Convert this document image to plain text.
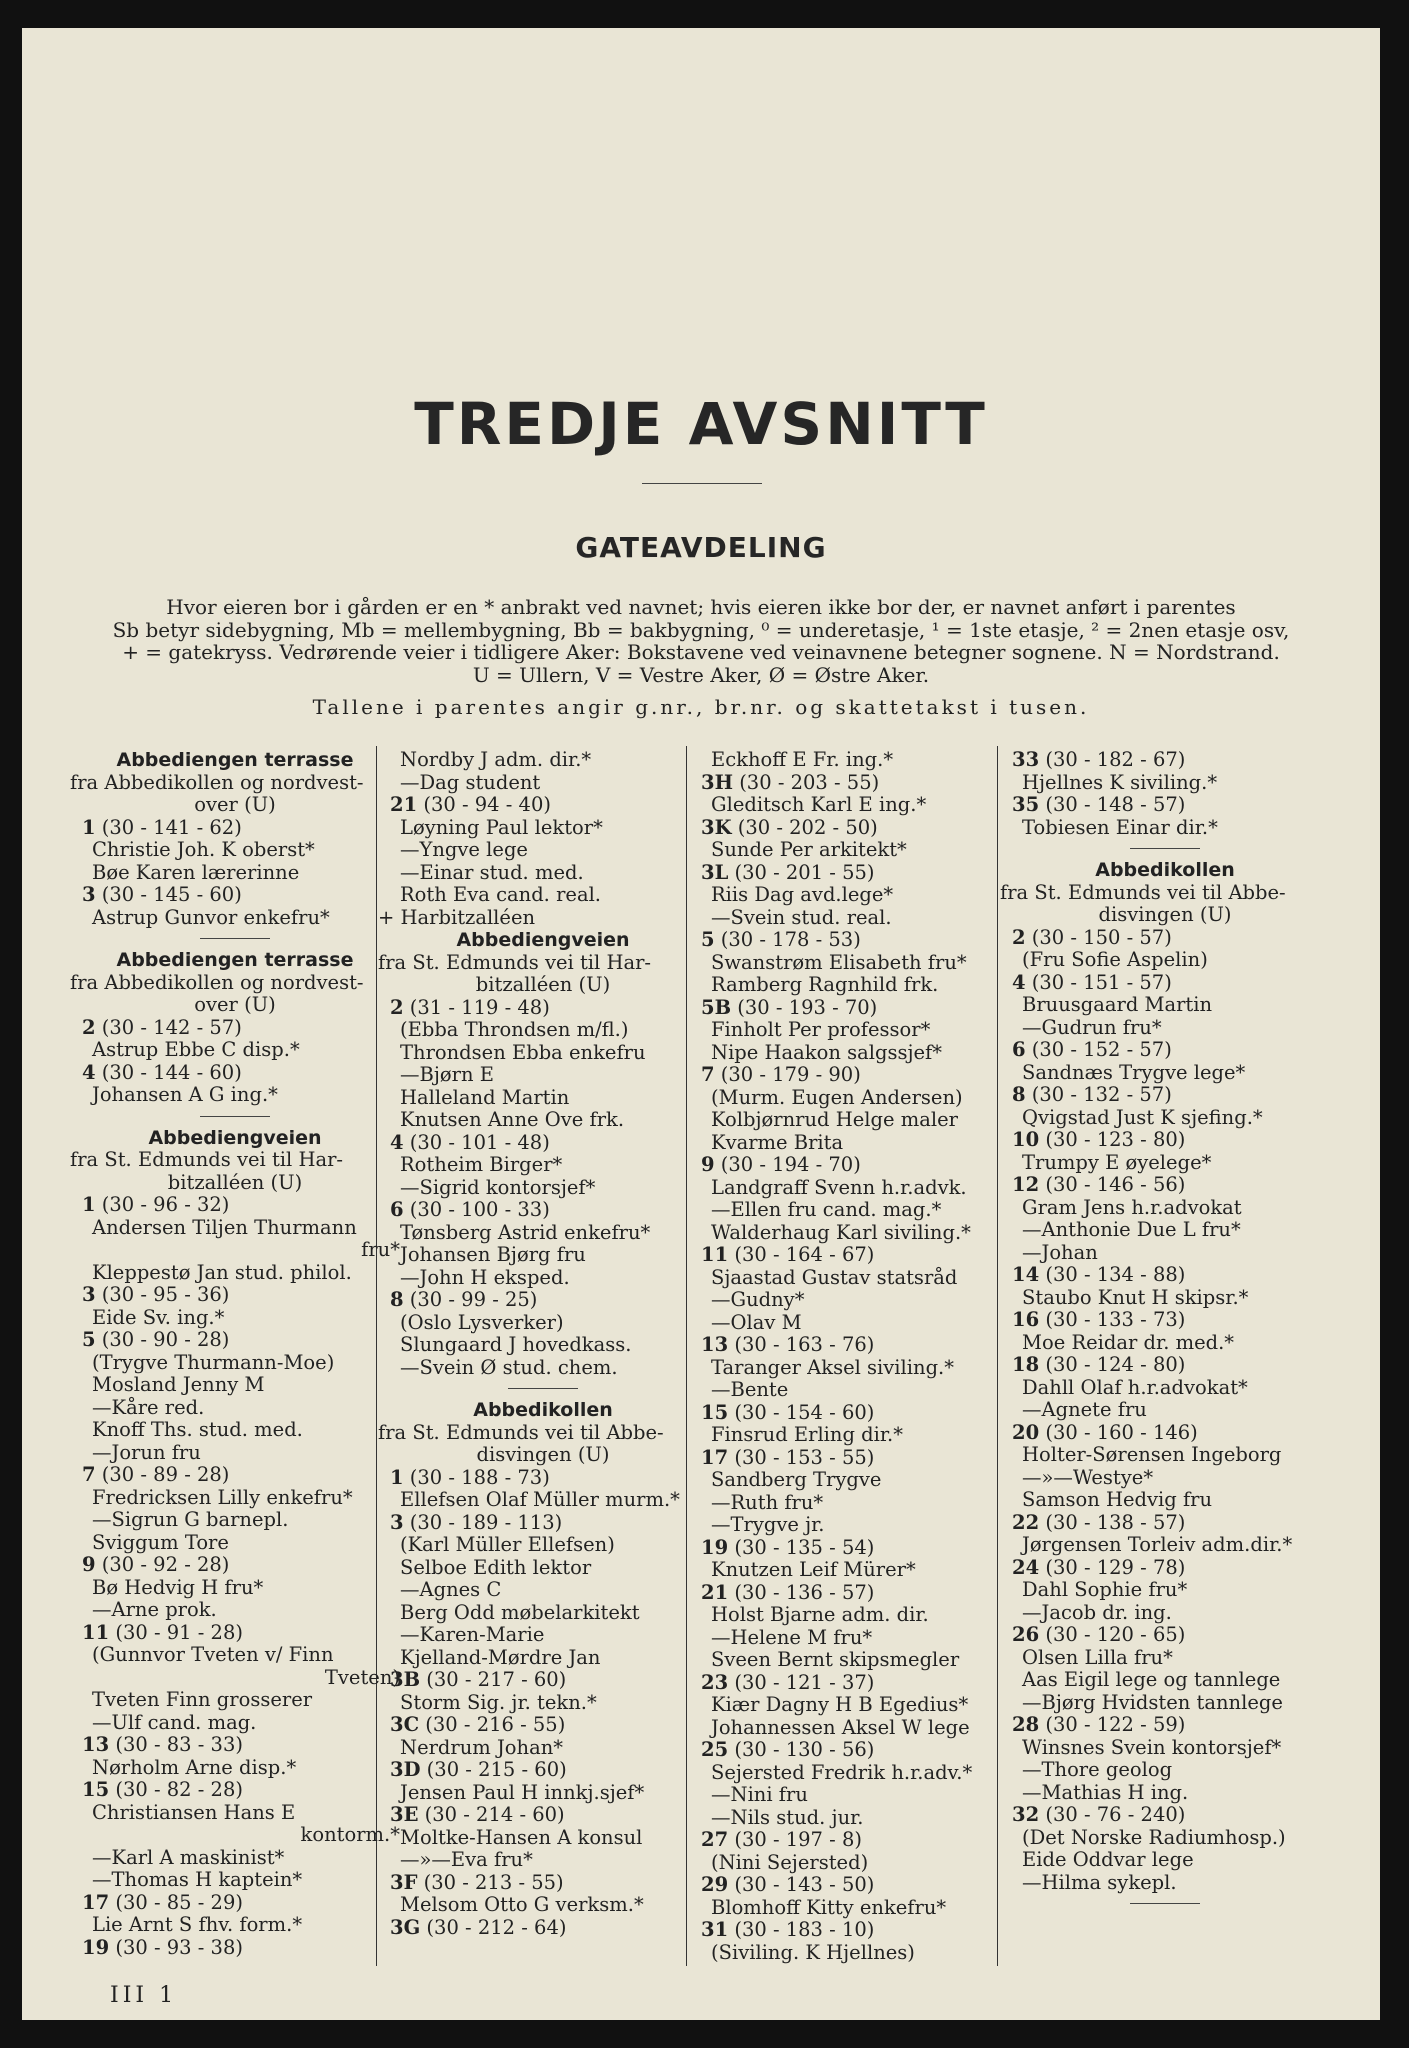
TREDJE AVSNITT
GATEAVDELING

Hvor eieren bor i gården er en * anbrakt ved navnet; hvis eieren ikke bor der, er navnet anført i parentes

Sb betyr sidebygning, Mb = mellembygning, Bb = bakbygning, ⁰ = underetasje, ¹ = 1ste etasje, ² = 2nen etasje osv,

+ = gatekryss. Vedrørende veier i tidligere Aker: Bokstavene ved veinavnene betegner sognene. N = Nordstrand.

U = Ullern, V = Vestre Aker, Ø = Østre Aker.

Tallene i parentes angir g.nr., br.nr. og skattetakst i tusen.
Abbediengen terrasse
fra Abbedikollen og nordvest-
over (U)
1 (30 - 141 - 62)
Christie Joh. K oberst*
Bøe Karen lærerinne
3 (30 - 145 - 60)
Astrup Gunvor enkefru*
Abbediengen terrasse
fra Abbedikollen og nordvest-
over (U)
2 (30 - 142 - 57)
Astrup Ebbe C disp.*
4 (30 - 144 - 60)
Johansen A G ing.*
Abbediengveien
fra St. Edmunds vei til Har-
bitzalléen (U)
1 (30 - 96 - 32)
Andersen Tiljen Thurmann
fru*
Kleppestø Jan stud. philol.
3 (30 - 95 - 36)
Eide Sv. ing.*
5 (30 - 90 - 28)
(Trygve Thurmann-Moe)
Mosland Jenny M
—Kåre red.
Knoff Ths. stud. med.
—Jorun fru
7 (30 - 89 - 28)
Fredricksen Lilly enkefru*
—Sigrun G barnepl.
Sviggum Tore
9 (30 - 92 - 28)
Bø Hedvig H fru*
—Arne prok.
11 (30 - 91 - 28)
(Gunnvor Tveten v/ Finn
Tveten)
Tveten Finn grosserer
—Ulf cand. mag.
13 (30 - 83 - 33)
Nørholm Arne disp.*
15 (30 - 82 - 28)
Christiansen Hans E
kontorm.*
—Karl A maskinist*
—Thomas H kaptein*
17 (30 - 85 - 29)
Lie Arnt S fhv. form.*
19 (30 - 93 - 38)
Nordby J adm. dir.*
—Dag student
21 (30 - 94 - 40)
Løyning Paul lektor*
—Yngve lege
—Einar stud. med.
Roth Eva cand. real.
+ Harbitzalléen
Abbediengveien
fra St. Edmunds vei til Har-
bitzalléen (U)
2 (31 - 119 - 48)
(Ebba Throndsen m/fl.)
Throndsen Ebba enkefru
—Bjørn E
Halleland Martin
Knutsen Anne Ove frk.
4 (30 - 101 - 48)
Rotheim Birger*
—Sigrid kontorsjef*
6 (30 - 100 - 33)
Tønsberg Astrid enkefru*
Johansen Bjørg fru
—John H eksped.
8 (30 - 99 - 25)
(Oslo Lysverker)
Slungaard J hovedkass.
—Svein Ø stud. chem.
Abbedikollen
fra St. Edmunds vei til Abbe-
disvingen (U)
1 (30 - 188 - 73)
Ellefsen Olaf Müller murm.*
3 (30 - 189 - 113)
(Karl Müller Ellefsen)
Selboe Edith lektor
—Agnes C
Berg Odd møbelarkitekt
—Karen-Marie
Kjelland-Mørdre Jan
3B (30 - 217 - 60)
Storm Sig. jr. tekn.*
3C (30 - 216 - 55)
Nerdrum Johan*
3D (30 - 215 - 60)
Jensen Paul H innkj.sjef*
3E (30 - 214 - 60)
Moltke-Hansen A konsul
—»—Eva fru*
3F (30 - 213 - 55)
Melsom Otto G verksm.*
3G (30 - 212 - 64)
Eckhoff E Fr. ing.*
3H (30 - 203 - 55)
Gleditsch Karl E ing.*
3K (30 - 202 - 50)
Sunde Per arkitekt*
3L (30 - 201 - 55)
Riis Dag avd.lege*
—Svein stud. real.
5 (30 - 178 - 53)
Swanstrøm Elisabeth fru*
Ramberg Ragnhild frk.
5B (30 - 193 - 70)
Finholt Per professor*
Nipe Haakon salgssjef*
7 (30 - 179 - 90)
(Murm. Eugen Andersen)
Kolbjørnrud Helge maler
Kvarme Brita
9 (30 - 194 - 70)
Landgraff Svenn h.r.advk.
—Ellen fru cand. mag.*
Walderhaug Karl siviling.*
11 (30 - 164 - 67)
Sjaastad Gustav statsråd
—Gudny*
—Olav M
13 (30 - 163 - 76)
Taranger Aksel siviling.*
—Bente
15 (30 - 154 - 60)
Finsrud Erling dir.*
17 (30 - 153 - 55)
Sandberg Trygve
—Ruth fru*
—Trygve jr.
19 (30 - 135 - 54)
Knutzen Leif Mürer*
21 (30 - 136 - 57)
Holst Bjarne adm. dir.
—Helene M fru*
Sveen Bernt skipsmegler
23 (30 - 121 - 37)
Kiær Dagny H B Egedius*
Johannessen Aksel W lege
25 (30 - 130 - 56)
Sejersted Fredrik h.r.adv.*
—Nini fru
—Nils stud. jur.
27 (30 - 197 - 8)
(Nini Sejersted)
29 (30 - 143 - 50)
Blomhoff Kitty enkefru*
31 (30 - 183 - 10)
(Siviling. K Hjellnes)
33 (30 - 182 - 67)
Hjellnes K siviling.*
35 (30 - 148 - 57)
Tobiesen Einar dir.*
Abbedikollen
fra St. Edmunds vei til Abbe-
disvingen (U)
2 (30 - 150 - 57)
(Fru Sofie Aspelin)
4 (30 - 151 - 57)
Bruusgaard Martin
—Gudrun fru*
6 (30 - 152 - 57)
Sandnæs Trygve lege*
8 (30 - 132 - 57)
Qvigstad Just K sjefing.*
10 (30 - 123 - 80)
Trumpy E øyelege*
12 (30 - 146 - 56)
Gram Jens h.r.advokat
—Anthonie Due L fru*
—Johan
14 (30 - 134 - 88)
Staubo Knut H skipsr.*
16 (30 - 133 - 73)
Moe Reidar dr. med.*
18 (30 - 124 - 80)
Dahll Olaf h.r.advokat*
—Agnete fru
20 (30 - 160 - 146)
Holter-Sørensen Ingeborg
—»—Westye*
Samson Hedvig fru
22 (30 - 138 - 57)
Jørgensen Torleiv adm.dir.*
24 (30 - 129 - 78)
Dahl Sophie fru*
—Jacob dr. ing.
26 (30 - 120 - 65)
Olsen Lilla fru*
Aas Eigil lege og tannlege
—Bjørg Hvidsten tannlege
28 (30 - 122 - 59)
Winsnes Svein kontorsjef*
—Thore geolog
—Mathias H ing.
32 (30 - 76 - 240)
(Det Norske Radiumhosp.)
Eide Oddvar lege
—Hilma sykepl.
III 1
